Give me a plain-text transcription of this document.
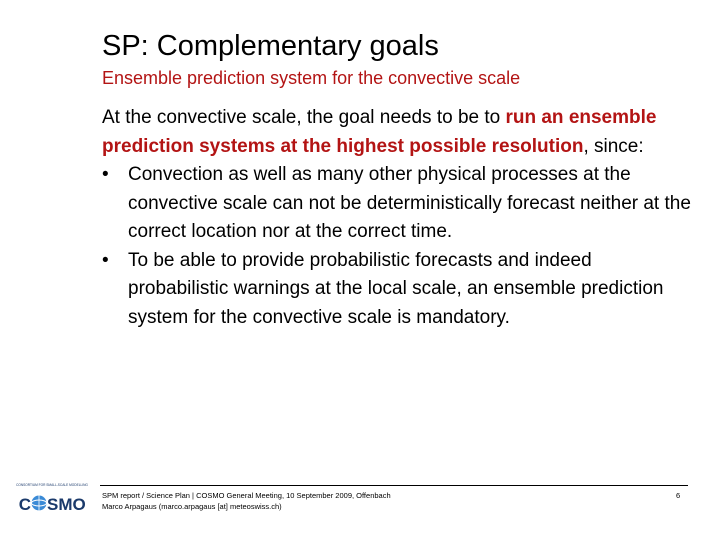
SP: Complementary goals
Ensemble prediction system for the convective scale

At the convective scale, the goal needs to be to run an ensemble prediction systems at the highest possible resolution, since:

•	Convection as well as many other physical processes at the convective scale can not be deterministically forecast neither at the correct location nor at the correct time.
•	To be able to provide probabilistic forecasts and indeed probabilistic warnings at the local scale, an ensemble prediction system for the convective scale is mandatory.
CONSORTIUM FOR SMALL-SCALE MODELLING
C SMO SPM report / Science Plan | COSMO General Meeting, 10 September 2009, Offenbach
Marco Arpagaus (marco.arpagaus [at] meteoswiss.ch)
6
